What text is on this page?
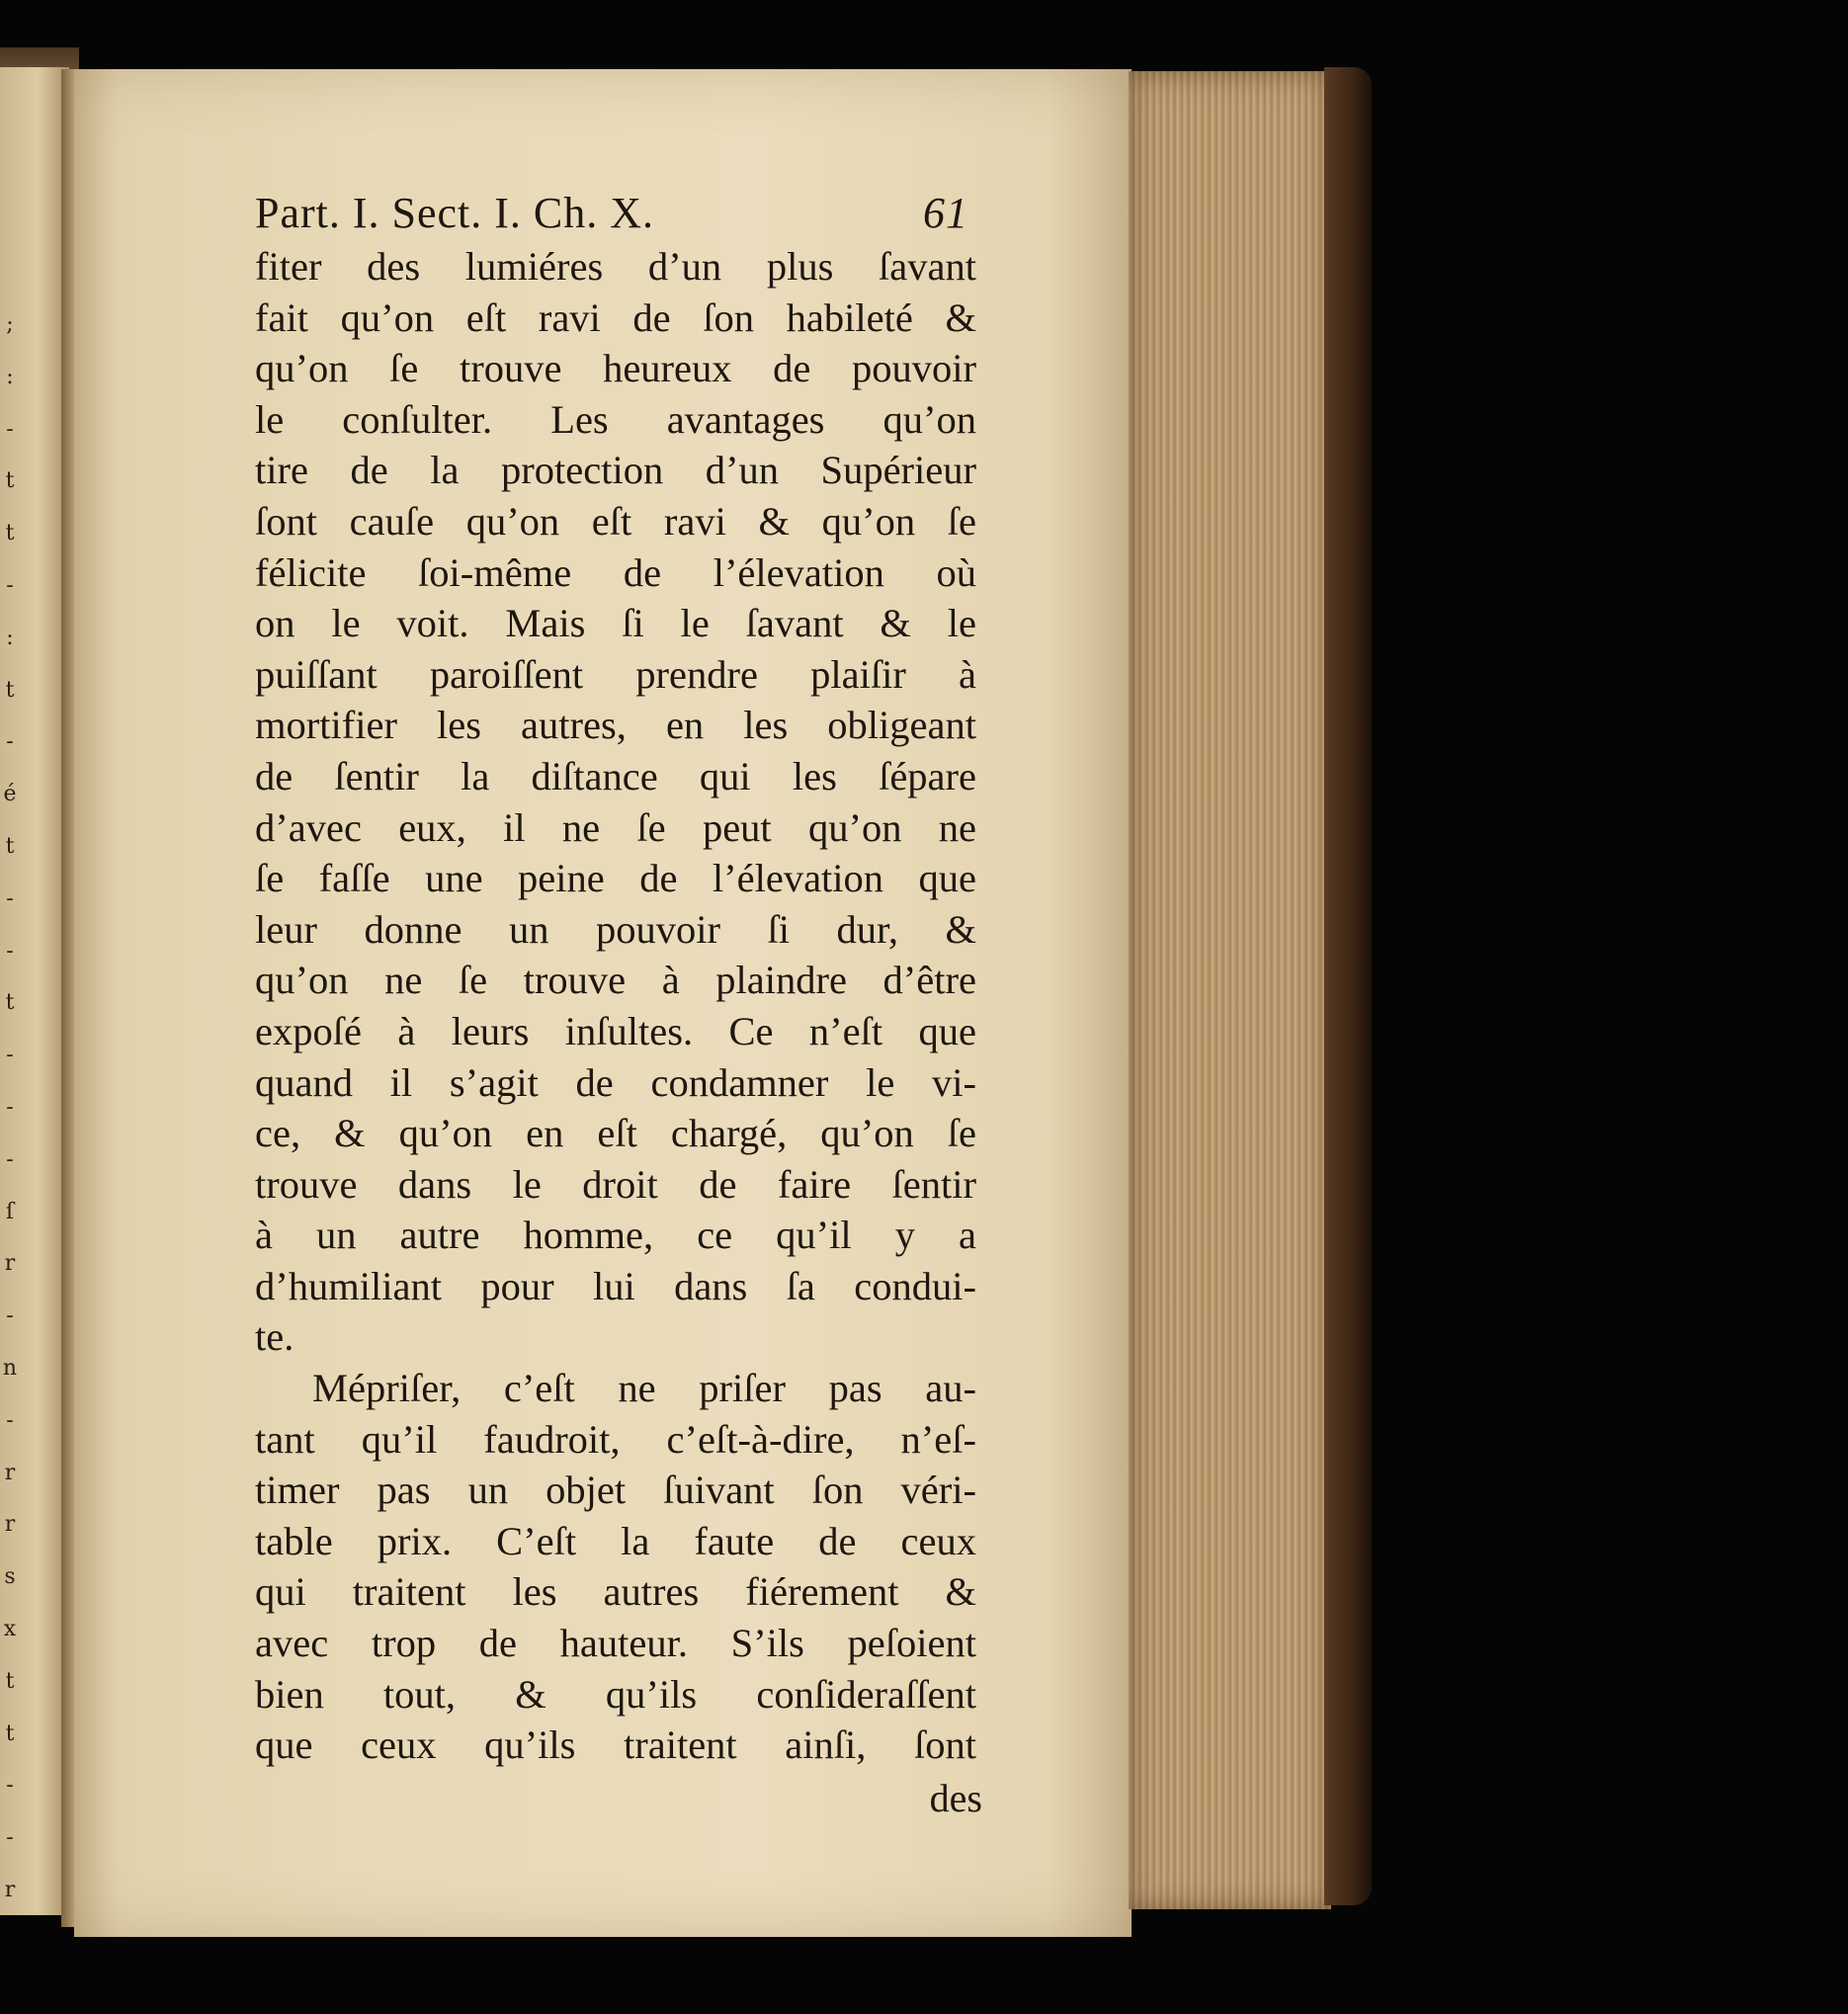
;
:
-
t
t
-
:
t
-
é
t
-
-
t
-
-
-
ſ
r
-
n
-
r
r
s
x
t
t
-
-
r
Part. I. Sect. I. Ch. X.	61
fiter des lumiéres d’un plus ſavant
fait qu’on eſt ravi de ſon habileté &
qu’on ſe trouve heureux de pouvoir
le conſulter. Les avantages qu’on
tire de la protection d’un Supérieur
ſont cauſe qu’on eſt ravi & qu’on ſe
félicite ſoi-même de l’élevation où
on le voit. Mais ſi le ſavant & le
puiſſant paroiſſent prendre plaiſir à
mortifier les autres, en les obligeant
de ſentir la diſtance qui les ſépare
d’avec eux, il ne ſe peut qu’on ne
ſe faſſe une peine de l’élevation que
leur donne un pouvoir ſi dur, &
qu’on ne ſe trouve à plaindre d’être
expoſé à leurs inſultes. Ce n’eſt que
quand il s’agit de condamner le vi-
ce, & qu’on en eſt chargé, qu’on ſe
trouve dans le droit de faire ſentir
à un autre homme, ce qu’il y a
d’humiliant pour lui dans ſa condui-
te.
Mépriſer, c’eſt ne priſer pas au-
tant qu’il faudroit, c’eſt-à-dire, n’eſ-
timer pas un objet ſuivant ſon véri-
table prix. C’eſt la faute de ceux
qui traitent les autres fiérement &
avec trop de hauteur. S’ils peſoient
bien tout, & qu’ils conſideraſſent
que ceux qu’ils traitent ainſi, ſont
des
